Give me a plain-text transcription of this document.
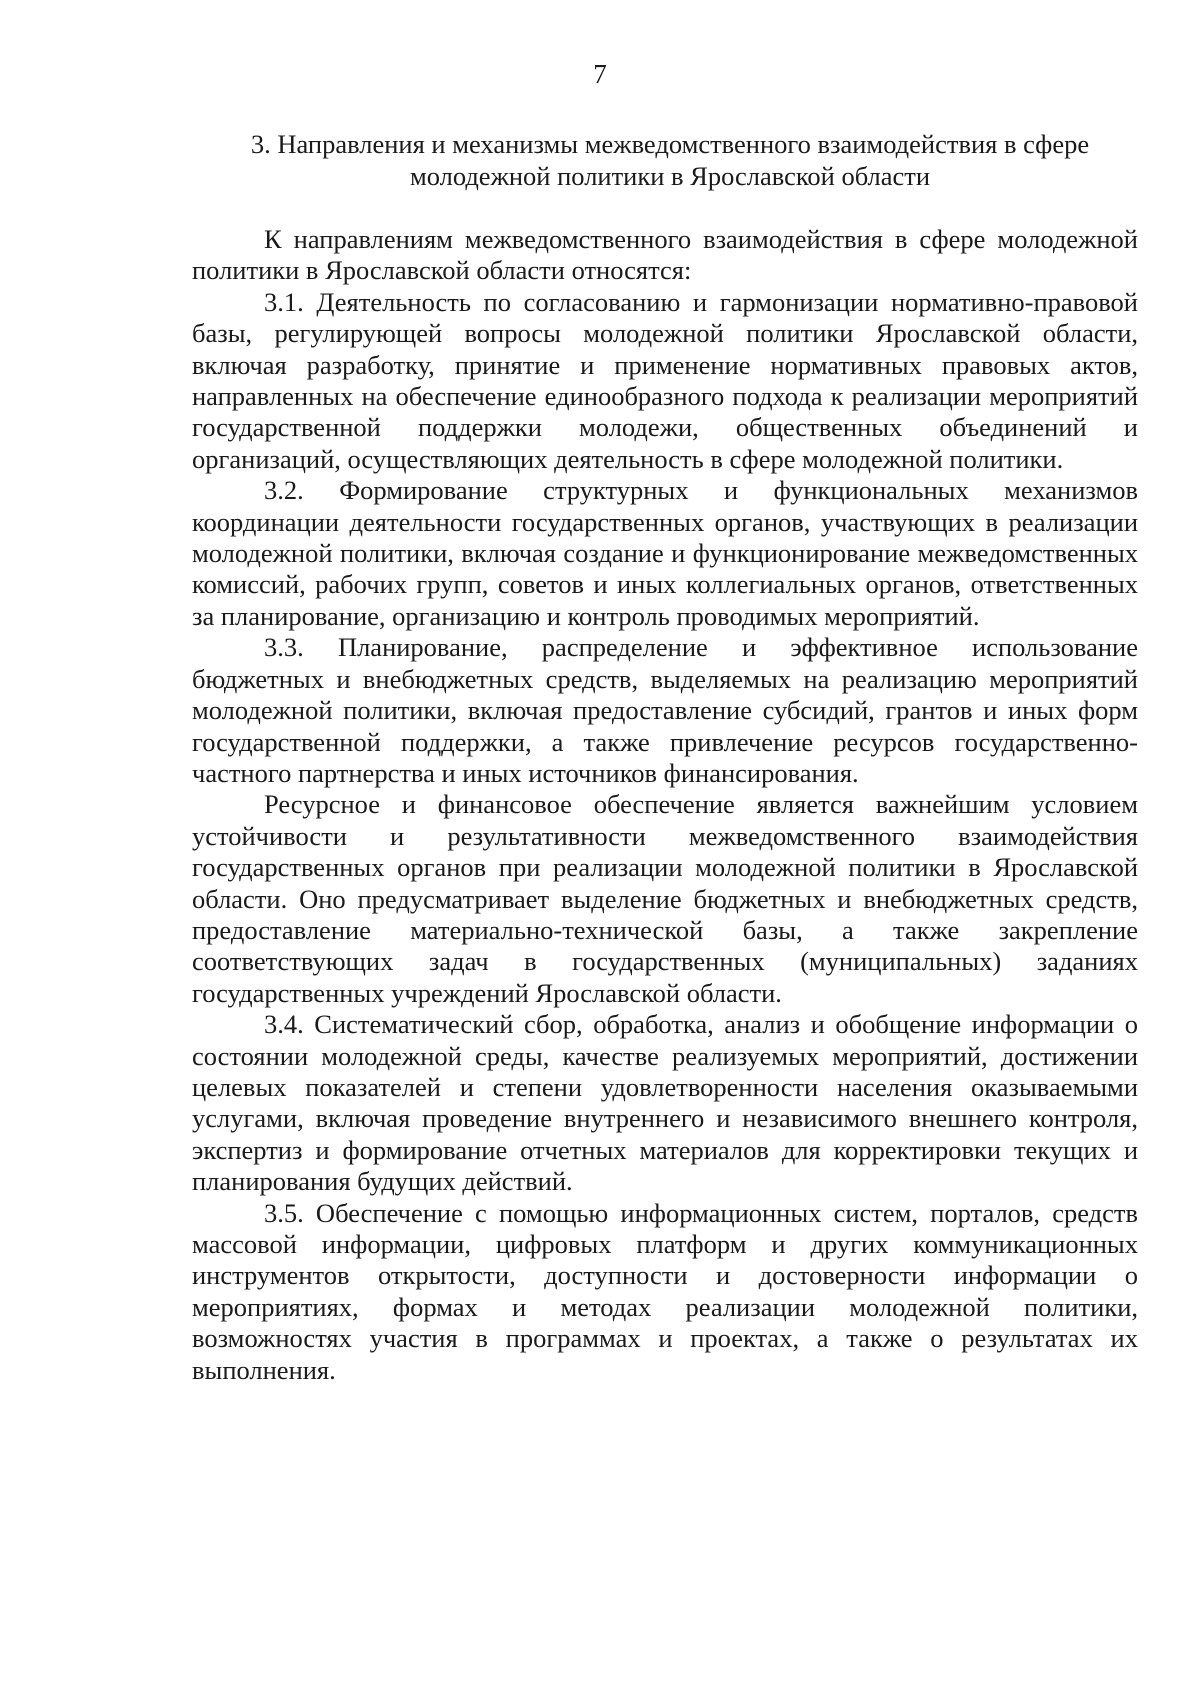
7
3. Направления и механизмы межведомственного взаимодействия в сфере
молодежной политики в Ярославской области

К направлениям межведомственного взаимодействия в сфере молодежной политики в Ярославской области относятся:

3.1. Деятельность по согласованию и гармонизации нормативно-правовой базы, регулирующей вопросы молодежной политики Ярославской области, включая разработку, принятие и применение нормативных правовых актов, направленных на обеспечение единообразного подхода к реализации мероприятий государственной поддержки молодежи, общественных объединений и организаций, осуществляющих деятельность в сфере молодежной политики.

3.2. Формирование структурных и функциональных механизмов координации деятельности государственных органов, участвующих в реализации молодежной политики, включая создание и функционирование межведомственных комиссий, рабочих групп, советов и иных коллегиальных органов, ответственных за планирование, организацию и контроль проводимых мероприятий.

3.3. Планирование, распределение и эффективное использование бюджетных и внебюджетных средств, выделяемых на реализацию мероприятий молодежной политики, включая предоставление субсидий, грантов и иных форм государственной поддержки, а также привлечение ресурсов государственно-частного партнерства и иных источников финансирования.

Ресурсное и финансовое обеспечение является важнейшим условием устойчивости и результативности межведомственного взаимодействия государственных органов при реализации молодежной политики в Ярославской области. Оно предусматривает выделение бюджетных и внебюджетных средств, предоставление материально-технической базы, а также закрепление соответствующих задач в государственных (муниципальных) заданиях государственных учреждений Ярославской области.

3.4. Систематический сбор, обработка, анализ и обобщение информации о состоянии молодежной среды, качестве реализуемых мероприятий, достижении целевых показателей и степени удовлетворенности населения оказываемыми услугами, включая проведение внутреннего и независимого внешнего контроля, экспертиз и формирование отчетных материалов для корректировки текущих и планирования будущих действий.

3.5. Обеспечение с помощью информационных систем, порталов, средств массовой информации, цифровых платформ и других коммуникационных инструментов открытости, доступности и достоверности информации о мероприятиях, формах и методах реализации молодежной политики, возможностях участия в программах и проектах, а также о результатах их выполнения.
